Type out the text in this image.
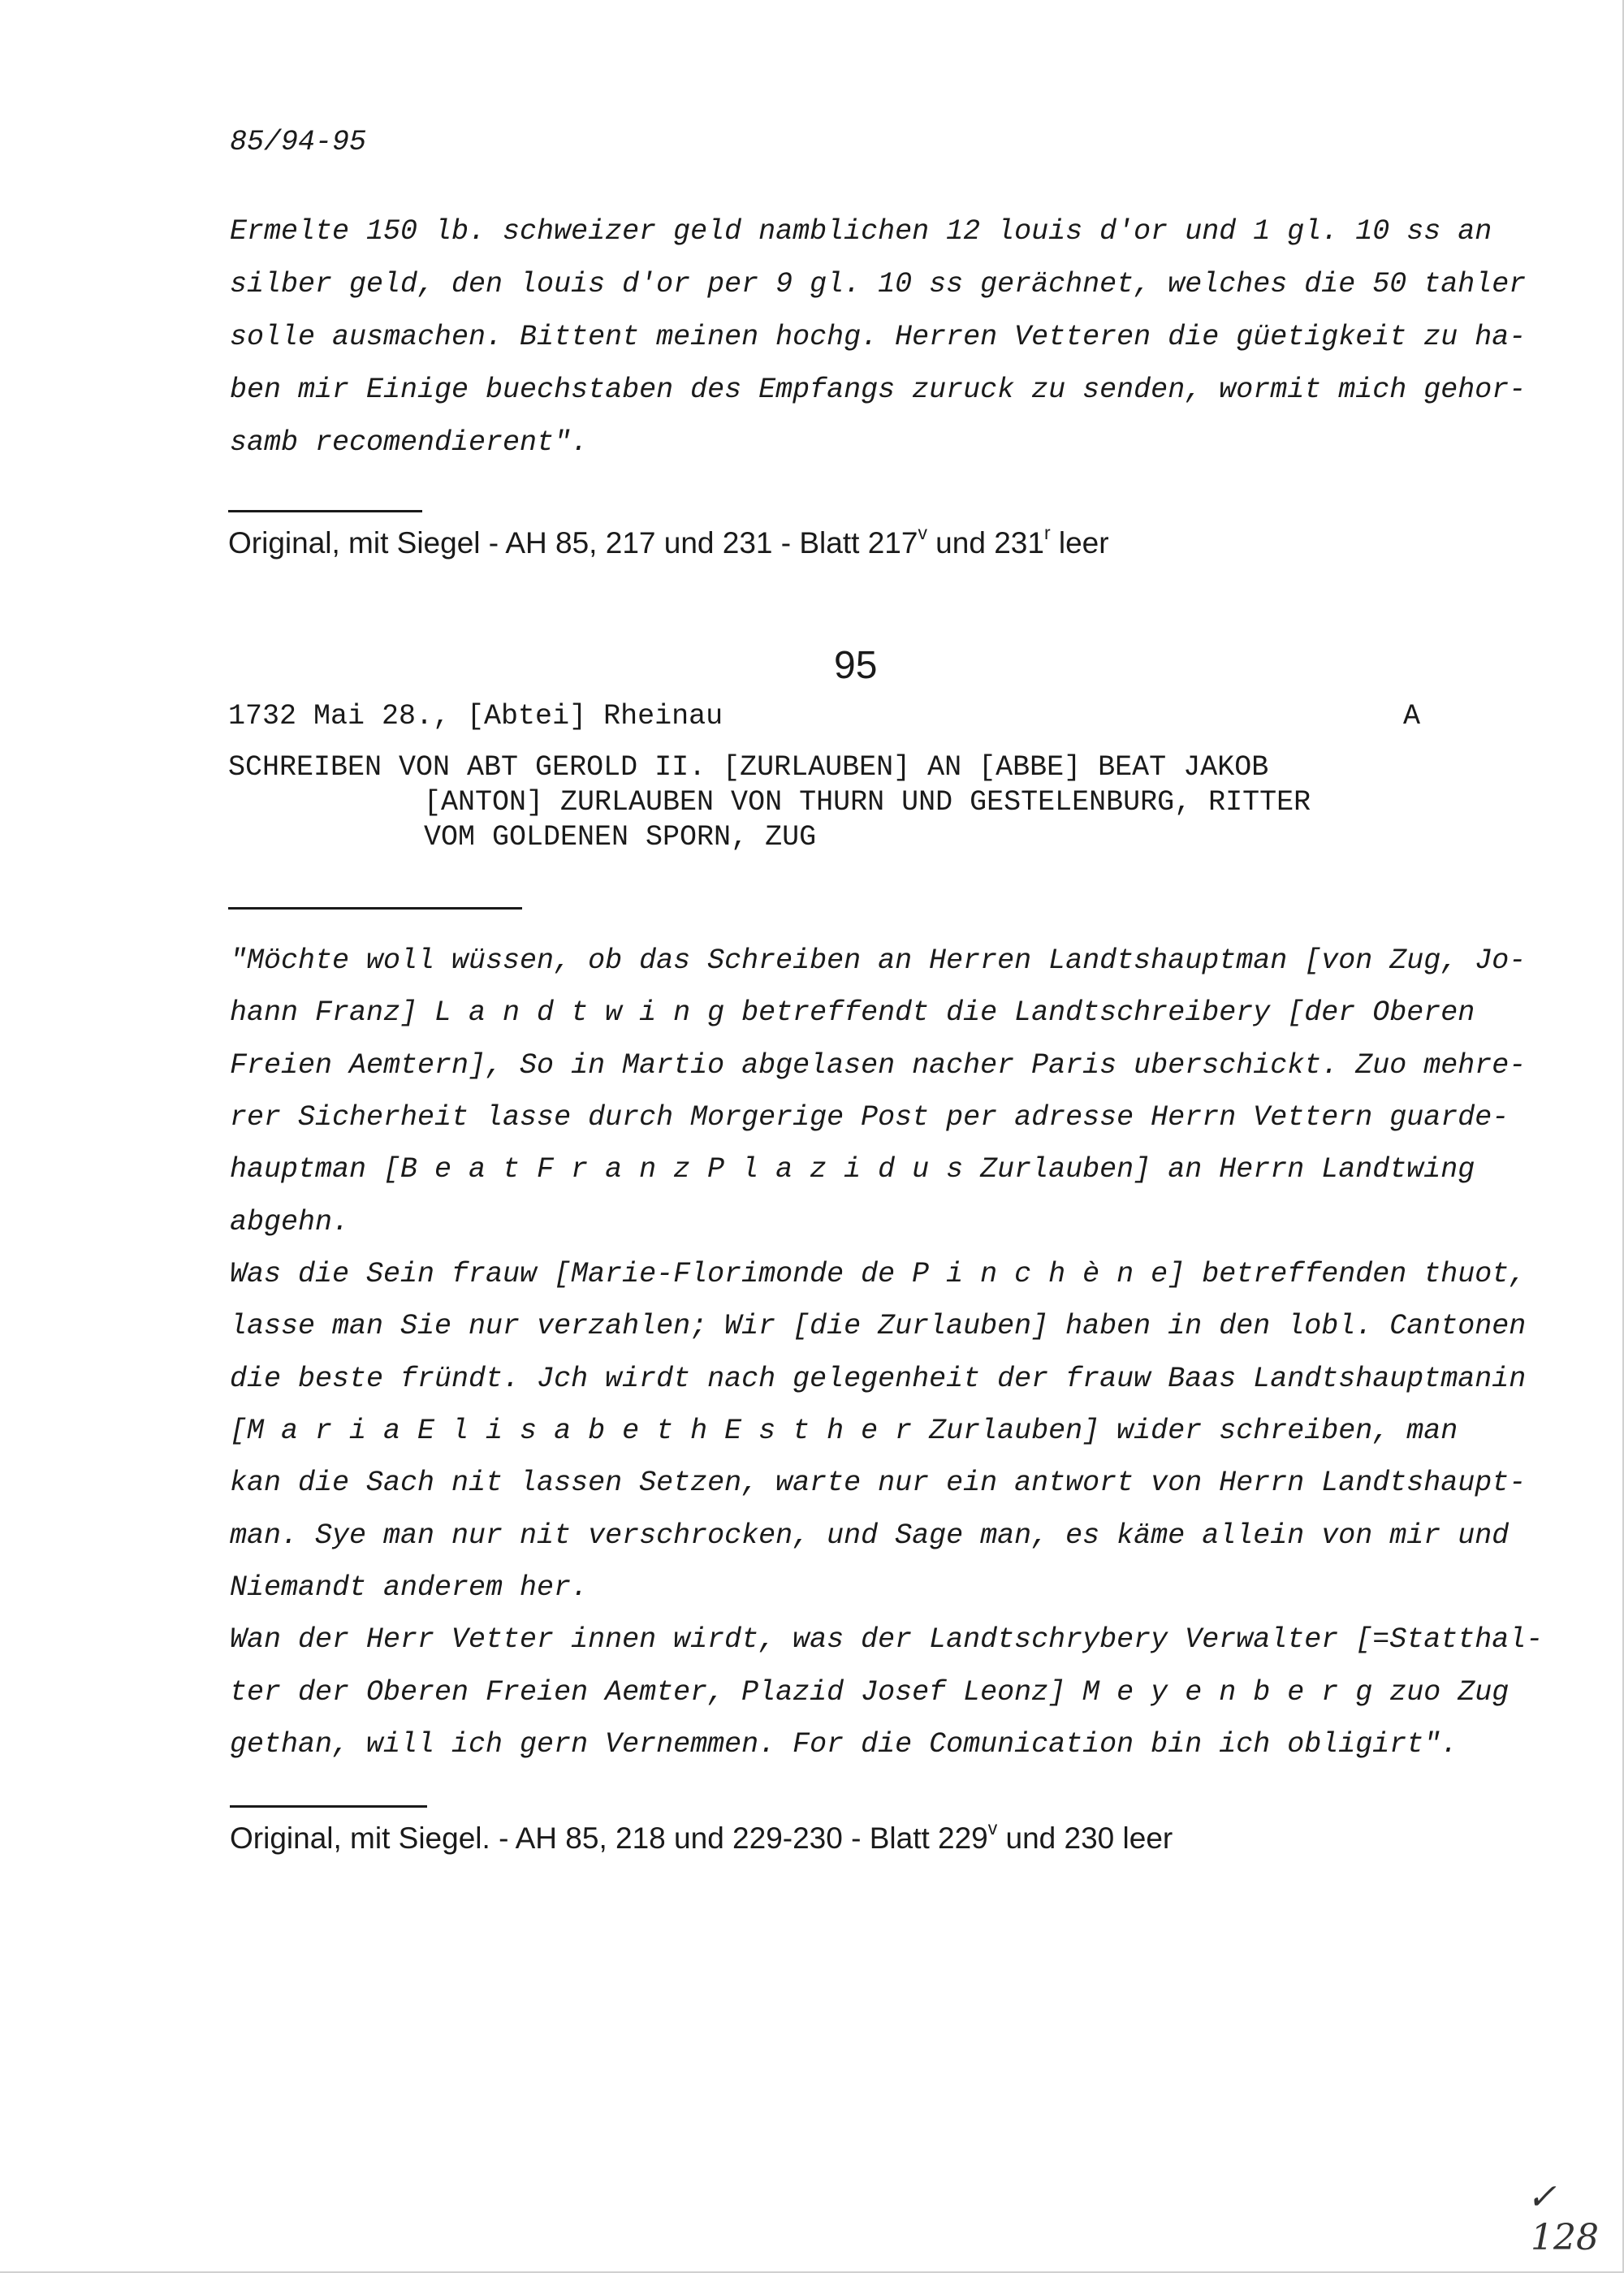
85/94-95
Ermelte 150 lb. schweizer geld namblichen 12 louis d'or und 1 gl. 10 ss an
silber geld, den louis d'or per 9 gl. 10 ss gerächnet, welches die 50 tahler
solle ausmachen. Bittent meinen hochg. Herren Vetteren die güetigkeit zu ha-
ben mir Einige buechstaben des Empfangs zuruck zu senden, wormit mich gehor-
samb recomendierent".
Original, mit Siegel - AH 85, 217 und 231 - Blatt 217$^v$ und 231$^r$ leer
95
1732 Mai 28., [Abtei] Rheinau	A
SCHREIBEN VON ABT GEROLD II. [ZURLAUBEN] AN [ABBE] BEAT JAKOB
[ANTON] ZURLAUBEN VON THURN UND GESTELENBURG, RITTER
VOM GOLDENEN SPORN, ZUG
"Möchte woll wüssen, ob das Schreiben an Herren Landtshauptman [von Zug, Jo-
hann Franz] L a n d t w i n g betreffendt die Landtschreibery [der Oberen
Freien Aemtern], So in Martio abgelasen nacher Paris uberschickt. Zuo mehre-
rer Sicherheit lasse durch Morgerige Post per adresse Herrn Vettern guarde-
hauptman [B e a t F r a n z P l a z i d u s Zurlauben] an Herrn Landtwing
abgehn.
Was die Sein frauw [Marie-Florimonde de P i n c h è n e] betreffenden thuot,
lasse man Sie nur verzahlen; Wir [die Zurlauben] haben in den lobl. Cantonen
die beste fründt. Jch wirdt nach gelegenheit der frauw Baas Landtshauptmanin
[M a r i a E l i s a b e t h E s t h e r Zurlauben] wider schreiben, man
kan die Sach nit lassen Setzen, warte nur ein antwort von Herrn Landtshaupt-
man. Sye man nur nit verschrocken, und Sage man, es käme allein von mir und
Niemandt anderem her.
Wan der Herr Vetter innen wirdt, was der Landtschrybery Verwalter [=Statthal-
ter der Oberen Freien Aemter, Plazid Josef Leonz] M e y e n b e r g zuo Zug
gethan, will ich gern Vernemmen. For die Comunication bin ich obligirt".
Original, mit Siegel. - AH 85, 218 und 229-230 - Blatt 229$^v$ und 230 leer
✓
128
